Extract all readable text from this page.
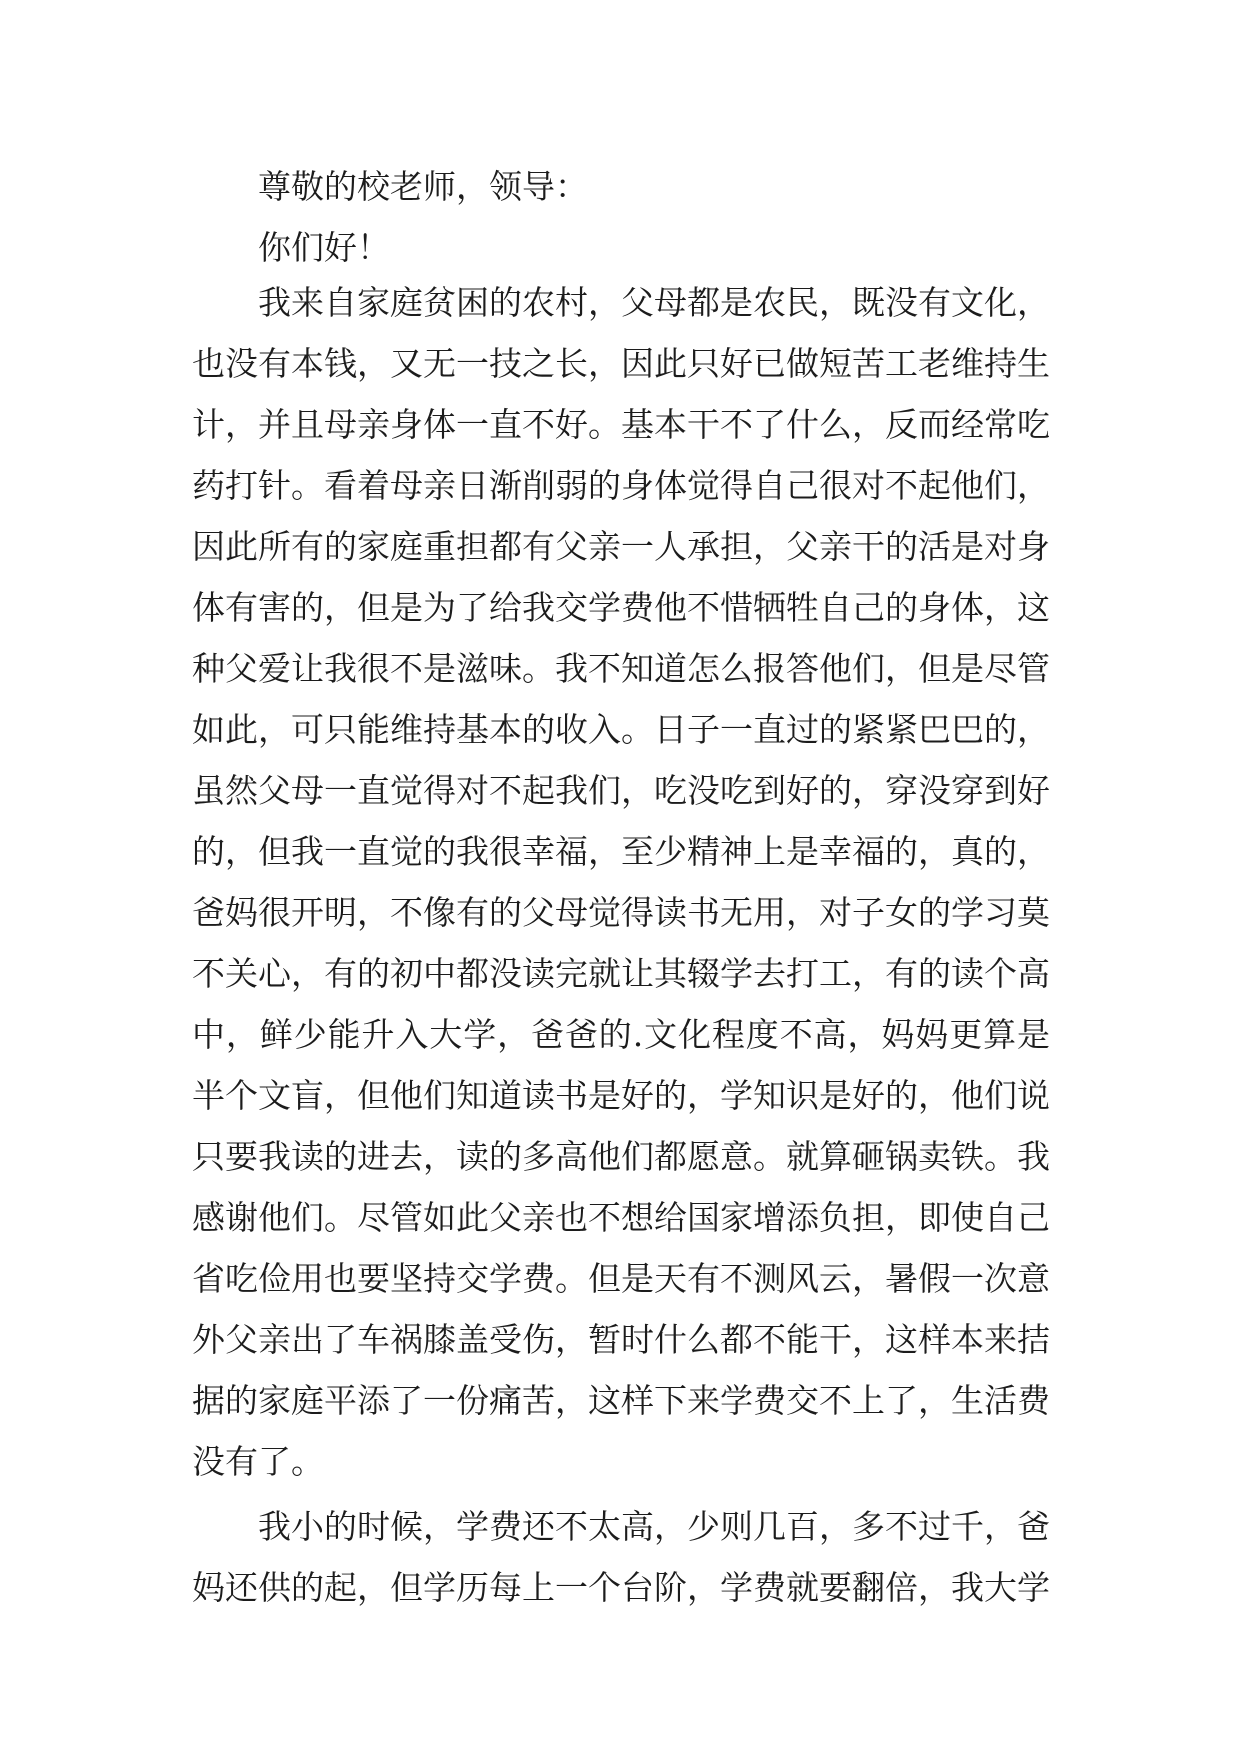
尊敬的校老师，领导：

你们好！

我来自家庭贫困的农村，父母都是农民，既没有文化，也没有本钱，又无一技之长，因此只好已做短苦工老维持生计，并且母亲身体一直不好。基本干不了什么，反而经常吃药打针。看着母亲日渐削弱的身体觉得自己很对不起他们，因此所有的家庭重担都有父亲一人承担，父亲干的活是对身体有害的，但是为了给我交学费他不惜牺牲自己的身体，这种父爱让我很不是滋味。我不知道怎么报答他们，但是尽管如此，可只能维持基本的收入。日子一直过的紧紧巴巴的，虽然父母一直觉得对不起我们，吃没吃到好的，穿没穿到好的，但我一直觉的我很幸福，至少精神上是幸福的，真的，爸妈很开明，不像有的父母觉得读书无用，对子女的学习莫不关心，有的初中都没读完就让其辍学去打工，有的读个高中，鲜少能升入大学，爸爸的.文化程度不高，妈妈更算是半个文盲，但他们知道读书是好的，学知识是好的，他们说只要我读的进去，读的多高他们都愿意。就算砸锅卖铁。我感谢他们。尽管如此父亲也不想给国家增添负担，即使自己省吃俭用也要坚持交学费。但是天有不测风云，暑假一次意外父亲出了车祸膝盖受伤，暂时什么都不能干，这样本来拮据的家庭平添了一份痛苦，这样下来学费交不上了，生活费没有了。

我小的时候，学费还不太高，少则几百，多不过千，爸妈还供的起，但学历每上一个台阶，学费就要翻倍，我大学
